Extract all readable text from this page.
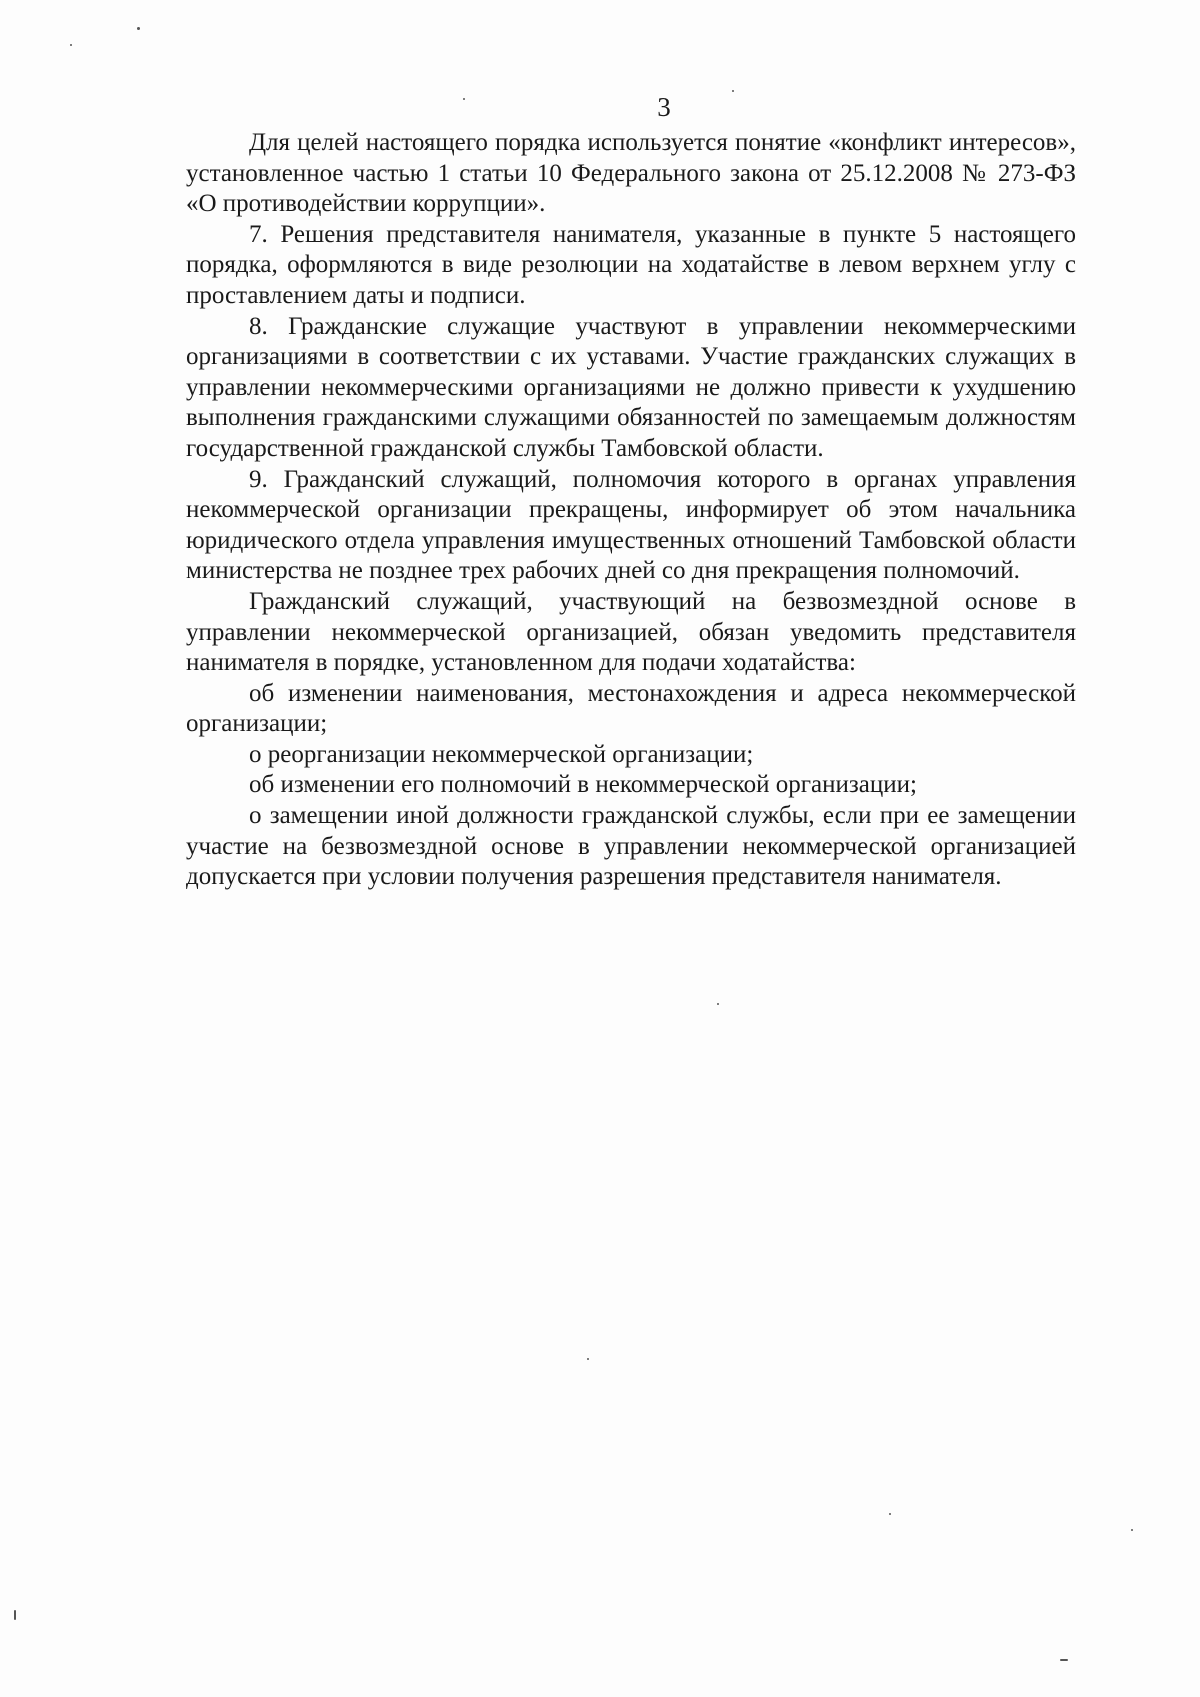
3

Для целей настоящего порядка используется понятие «конфликт интересов», установленное частью 1 статьи 10 Федерального закона от 25.12.2008 № 273-ФЗ «О противодействии коррупции».

7. Решения представителя нанимателя, указанные в пункте 5 настоящего порядка, оформляются в виде резолюции на ходатайстве в левом верхнем углу с проставлением даты и подписи.

8. Гражданские служащие участвуют в управлении некоммерческими организациями в соответствии с их уставами. Участие гражданских служащих в управлении некоммерческими организациями не должно привести к ухудшению выполнения гражданскими служащими обязанностей по замещаемым должностям государственной гражданской службы Тамбовской области.

9. Гражданский служащий, полномочия которого в органах управления некоммерческой организации прекращены, информирует об этом начальника юридического отдела управления имущественных отношений Тамбовской области министерства не позднее трех рабочих дней со дня прекращения полномочий.

Гражданский служащий, участвующий на безвозмездной основе в управлении некоммерческой организацией, обязан уведомить представителя нанимателя в порядке, установленном для подачи ходатайства:

об изменении наименования, местонахождения и адреса некоммерческой организации;

о реорганизации некоммерческой организации;

об изменении его полномочий в некоммерческой организации;

о замещении иной должности гражданской службы, если при ее замещении участие на безвозмездной основе в управлении некоммерческой организацией допускается при условии получения разрешения представителя нанимателя.
